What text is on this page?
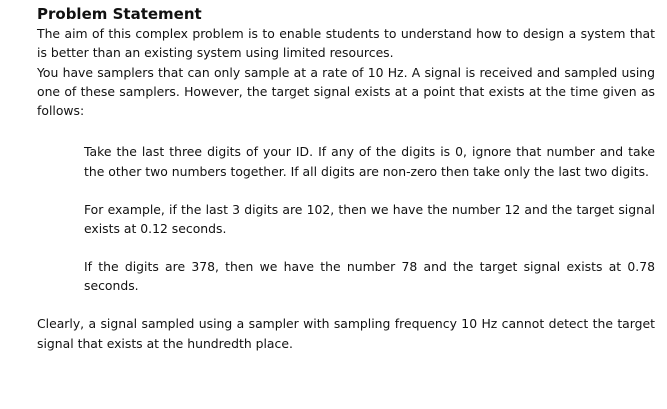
Problem Statement

The aim of this complex problem is to enable students to understand how to design a system that is better than an existing system using limited resources.

You have samplers that can only sample at a rate of 10 Hz. A signal is received and sampled using one of these samplers. However, the target signal exists at a point that exists at the time given as follows:

Take the last three digits of your ID. If any of the digits is 0, ignore that number and take the other two numbers together. If all digits are non-zero then take only the last two digits.

For example, if the last 3 digits are 102, then we have the number 12 and the target signal exists at 0.12 seconds.

If the digits are 378, then we have the number 78 and the target signal exists at 0.78 seconds.

Clearly, a signal sampled using a sampler with sampling frequency 10 Hz cannot detect the target signal that exists at the hundredth place.
